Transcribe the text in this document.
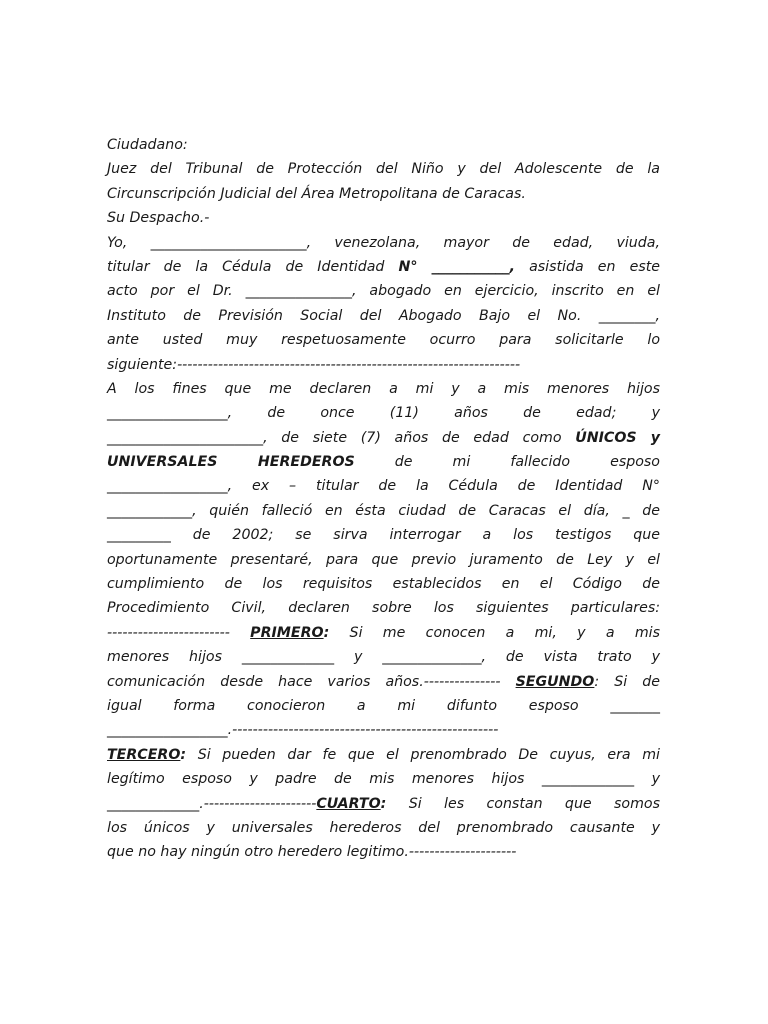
Ciudadano:
Juez del Tribunal de Protección del Niño y del Adolescente de la
Circunscripción Judicial del Área Metropolitana de Caracas.
Su Despacho.-
Yo, ______________________, venezolana, mayor de edad, viuda,
titular de la Cédula de Identidad N° ___________, asistida en este
acto por el Dr. _______________, abogado en ejercicio, inscrito en el
Instituto de Previsión Social del Abogado Bajo el No. ________,
ante usted muy respetuosamente ocurro para solicitarle lo
siguiente:-------------------------------------------------------------------
A los fines que me declaren a mi y a mis menores hijos
_________________, de once (11) años de edad; y
______________________, de siete (7) años de edad como ÚNICOS y
UNIVERSALES HEREDEROS de mi fallecido esposo
_________________, ex – titular de la Cédula de Identidad N°
____________, quién falleció en ésta ciudad de Caracas el día, _ de
_________ de 2002; se sirva interrogar a los testigos que
oportunamente presentaré, para que previo juramento de Ley y el
cumplimiento de los requisitos establecidos en el Código de
Procedimiento Civil, declaren sobre los siguientes particulares:
------------------------ PRIMERO: Si me conocen a mi, y a mis
menores hijos _____________ y ______________, de vista trato y
comunicación desde hace varios años.--------------- SEGUNDO: Si de
igual forma conocieron a mi difunto esposo _______
_________________.----------------------------------------------------
TERCERO: Si pueden dar fe que el prenombrado De cuyus, era mi
legítimo esposo y padre de mis menores hijos _____________ y
_____________.----------------------CUARTO: Si les constan que somos
los únicos y universales herederos del prenombrado causante y
que no hay ningún otro heredero legitimo.---------------------
